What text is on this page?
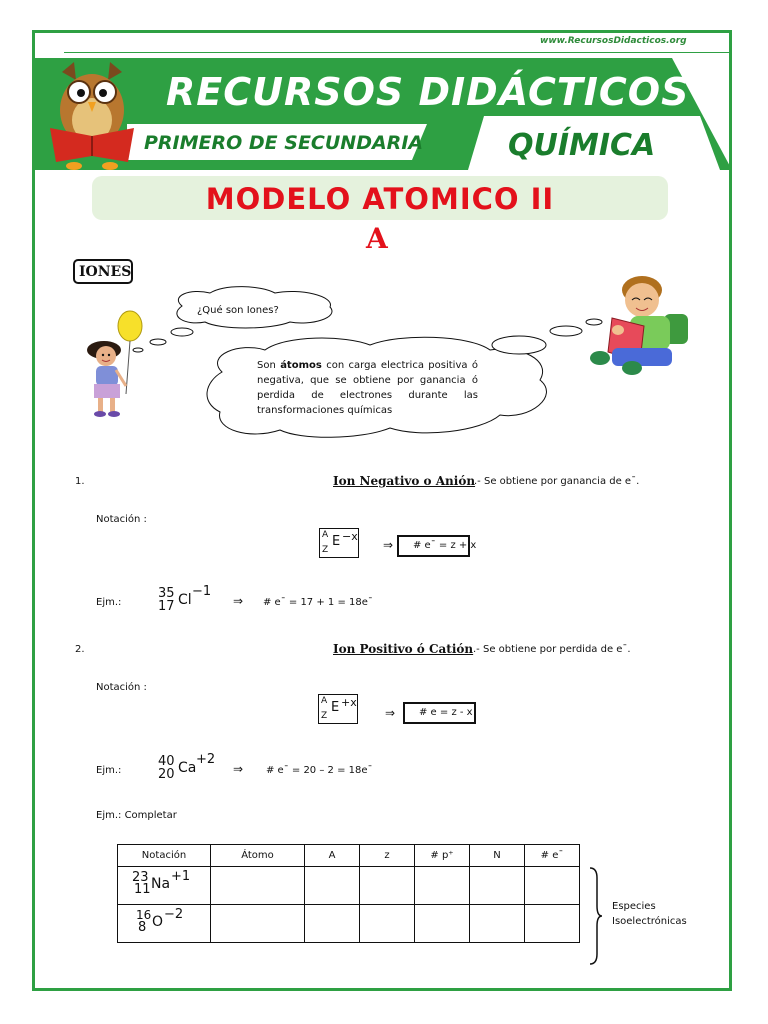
www.RecursosDidacticos.org
RECURSOS DIDÁCTICOS
PRIMERO DE SECUNDARIA	QUÍMICA
MODELO ATOMICO II
A
IONES
¿Qué son Iones?
Son átomos con carga electrica positiva ó negativa, que se obtiene por ganancia ó perdida de electrones durante las transformaciones químicas
1.	Ion Negativo o Anión
.- Se obtiene por ganancia de e¯.
Notación :
A
Z
E −x
⇒	# e¯ = z + x
Ejm.:
35
17 Cl
−1
⇒ # e¯ = 17 + 1 = 18e¯
2.	Ion Positivo ó Catión .- Se obtiene por perdida de e¯.
Notación :
A
Z
E +x
⇒	# e = z - x
Ejm.:
40
20 Ca
+2
⇒ # e¯ = 20 – 2 = 18e¯
Ejm.: Completar
Notación	Átomo	A	z	# p⁺	N	# e¯

23
11 Na +1						

16
8 O −2						

Especies Isoelectrónicas
